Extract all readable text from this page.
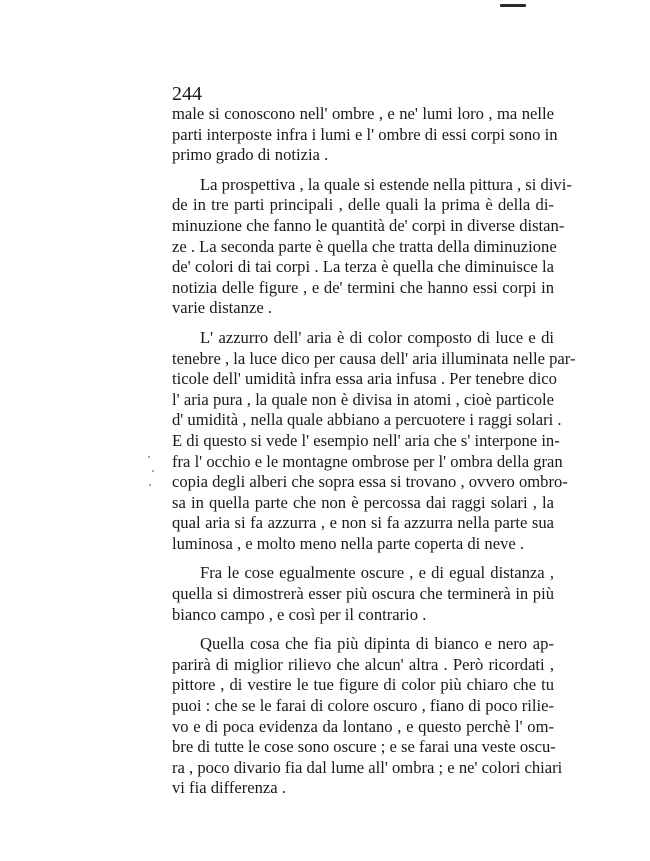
244
male si conoscono nell' ombre , e ne' lumi loro , ma nelle
parti interposte infra i lumi e l' ombre di essi corpi sono in
primo grado di notizia .
La prospettiva , la quale si estende nella pittura , si divi-
de in tre parti principali , delle quali la prima è della di-
minuzione che fanno le quantità de' corpi in diverse distan-
ze . La seconda parte è quella che tratta della diminuzione
de' colori di tai corpi . La terza è quella che diminuisce la
notizia delle figure , e de' termini che hanno essi corpi in
varie distanze .
L' azzurro dell' aria è di color composto di luce e di
tenebre , la luce dico per causa dell' aria illuminata nelle par-
ticole dell' umidità infra essa aria infusa . Per tenebre dico
l' aria pura , la quale non è divisa in atomi , cioè particole
d' umidità , nella quale abbiano a percuotere i raggi solari .
E di questo si vede l' esempio nell' aria che s' interpone in-
fra l' occhio e le montagne ombrose per l' ombra della gran
copia degli alberi che sopra essa si trovano , ovvero ombro-
sa in quella parte che non è percossa dai raggi solari , la
qual aria si fa azzurra , e non si fa azzurra nella parte sua
luminosa , e molto meno nella parte coperta di neve .
Fra le cose egualmente oscure , e di egual distanza ,
quella si dimostrerà esser più oscura che terminerà in più
bianco campo , e così per il contrario .
Quella cosa che fia più dipinta di bianco e nero ap-
parirà di miglior rilievo che alcun' altra . Però ricordati ,
pittore , di vestire le tue figure di color più chiaro che tu
puoi : che se le farai di colore oscuro , fiano di poco rilie-
vo e di poca evidenza da lontano , e questo perchè l' om-
bre di tutte le cose sono oscure ; e se farai una veste oscu-
ra , poco divario fia dal lume all' ombra ; e ne' colori chiari
vi fia differenza .
